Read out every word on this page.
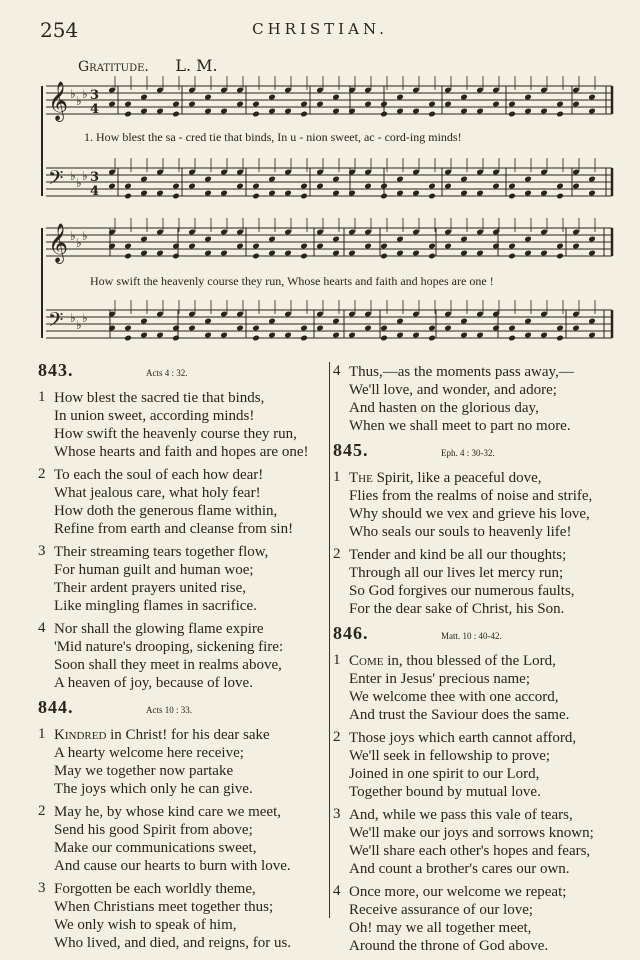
254	CHRISTIAN.
Gratitude. L. M.
𝄞 ♭ ♭ ♭ 3
4
𝄢 ♭ ♭ ♭ 3
4
𝄞 ♭ ♭ ♭
𝄢 ♭ ♭ ♭
1. How blest the sa - cred tie that binds, In u - nion sweet, ac - cord-ing minds!
How swift the heavenly course they run, Whose hearts and faith and hopes are one !
843.	Acts 4 : 32.
1 How blest the sacred tie that binds,
In union sweet, according minds!
How swift the heavenly course they run,
Whose hearts and faith and hopes are one!
2 To each the soul of each how dear!
What jealous care, what holy fear!
How doth the generous flame within,
Refine from earth and cleanse from sin!
3 Their streaming tears together flow,
For human guilt and human woe;
Their ardent prayers united rise,
Like mingling flames in sacrifice.
4 Nor shall the glowing flame expire
'Mid nature's drooping, sickening fire:
Soon shall they meet in realms above,
A heaven of joy, because of love.
844.	Acts 10 : 33.
1 Kindred in Christ! for his dear sake
A hearty welcome here receive;
May we together now partake
The joys which only he can give.
2 May he, by whose kind care we meet,
Send his good Spirit from above;
Make our communications sweet,
And cause our hearts to burn with love.
3 Forgotten be each worldly theme,
When Christians meet together thus;
We only wish to speak of him,
Who lived, and died, and reigns, for us.
4 Thus,—as the moments pass away,—
We'll love, and wonder, and adore;
And hasten on the glorious day,
When we shall meet to part no more.
845.	Eph. 4 : 30-32.
1 The Spirit, like a peaceful dove,
Flies from the realms of noise and strife,
Why should we vex and grieve his love,
Who seals our souls to heavenly life!
2 Tender and kind be all our thoughts;
Through all our lives let mercy run;
So God forgives our numerous faults,
For the dear sake of Christ, his Son.
846.	Matt. 10 : 40-42.
1 Come in, thou blessed of the Lord,
Enter in Jesus' precious name;
We welcome thee with one accord,
And trust the Saviour does the same.
2 Those joys which earth cannot afford,
We'll seek in fellowship to prove;
Joined in one spirit to our Lord,
Together bound by mutual love.
3 And, while we pass this vale of tears,
We'll make our joys and sorrows known;
We'll share each other's hopes and fears,
And count a brother's cares our own.
4 Once more, our welcome we repeat;
Receive assurance of our love;
Oh! may we all together meet,
Around the throne of God above.
